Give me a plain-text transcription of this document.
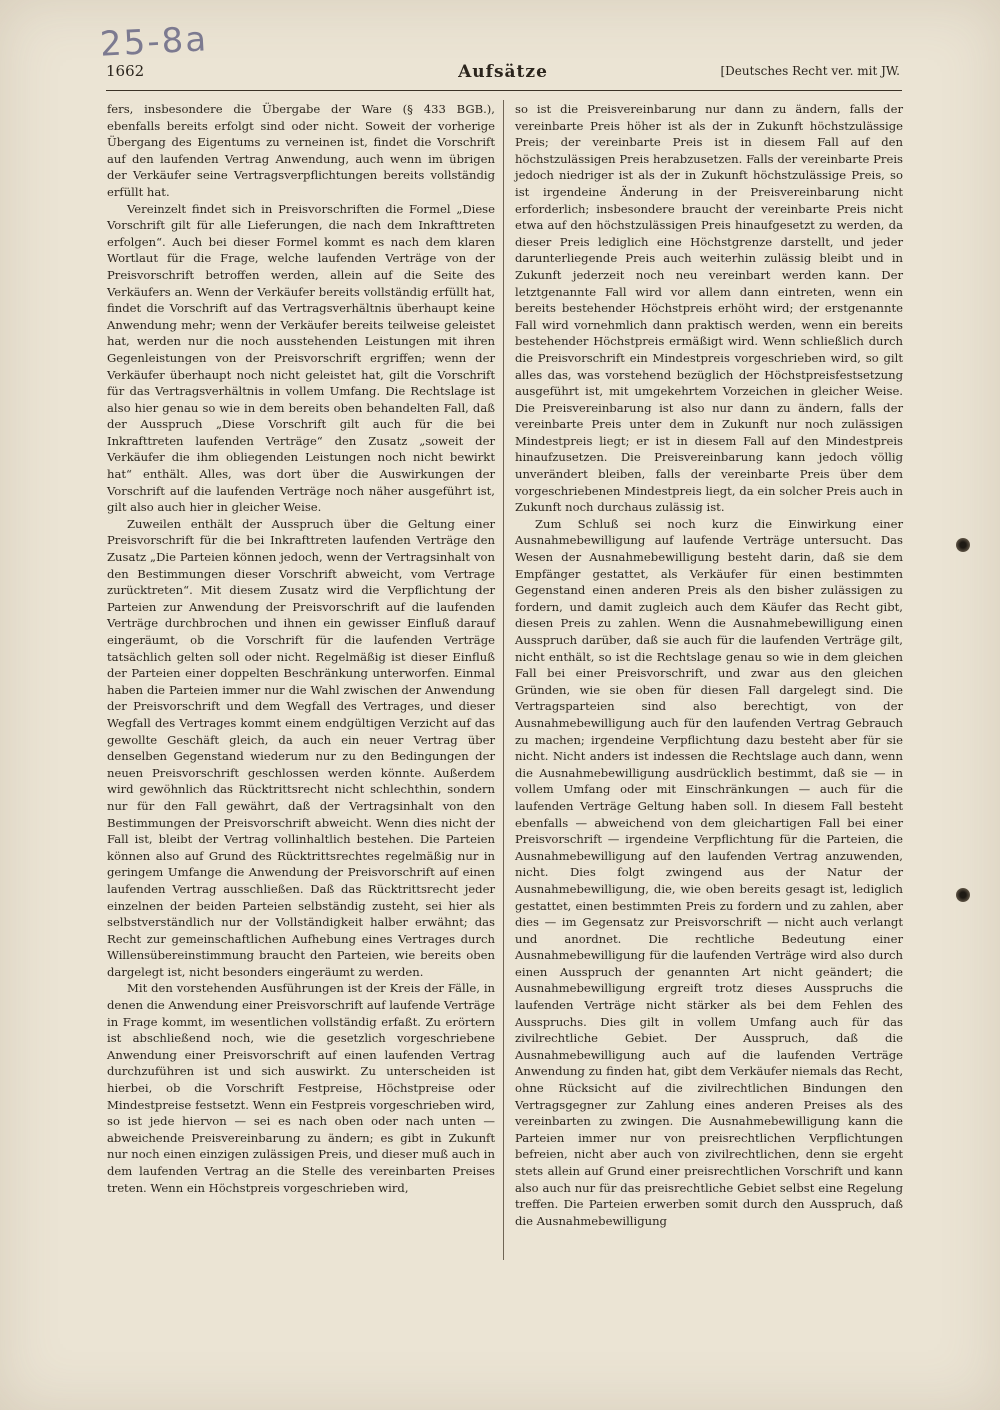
25-8a
1662	Aufsätze	[Deutsches Recht ver. mit JW.

fers, insbesondere die Übergabe der Ware (§ 433 BGB.), ebenfalls bereits erfolgt sind oder nicht. Soweit der vorherige Übergang des Eigentums zu verneinen ist, findet die Vorschrift auf den laufenden Vertrag Anwendung, auch wenn im übrigen der Verkäufer seine Vertragsverpflichtungen bereits vollständig erfüllt hat.

Vereinzelt findet sich in Preisvorschriften die Formel „Diese Vorschrift gilt für alle Lieferungen, die nach dem Inkrafttreten erfolgen“. Auch bei dieser Formel kommt es nach dem klaren Wortlaut für die Frage, welche laufenden Verträge von der Preisvorschrift betroffen werden, allein auf die Seite des Verkäufers an. Wenn der Verkäufer bereits vollständig erfüllt hat, findet die Vorschrift auf das Vertragsverhältnis überhaupt keine Anwendung mehr; wenn der Verkäufer bereits teilweise geleistet hat, werden nur die noch ausstehenden Leistungen mit ihren Gegenleistungen von der Preisvorschrift ergriffen; wenn der Verkäufer überhaupt noch nicht geleistet hat, gilt die Vorschrift für das Vertragsverhältnis in vollem Umfang. Die Rechtslage ist also hier genau so wie in dem bereits oben behandelten Fall, daß der Ausspruch „Diese Vorschrift gilt auch für die bei Inkrafttreten laufenden Verträge“ den Zusatz „soweit der Verkäufer die ihm obliegenden Leistungen noch nicht bewirkt hat“ enthält. Alles, was dort über die Auswirkungen der Vorschrift auf die laufenden Verträge noch näher ausgeführt ist, gilt also auch hier in gleicher Weise.

Zuweilen enthält der Ausspruch über die Geltung einer Preisvorschrift für die bei Inkrafttreten laufenden Verträge den Zusatz „Die Parteien können jedoch, wenn der Vertragsinhalt von den Bestimmungen dieser Vorschrift abweicht, vom Vertrage zurücktreten“. Mit diesem Zusatz wird die Verpflichtung der Parteien zur Anwendung der Preisvorschrift auf die laufenden Verträge durchbrochen und ihnen ein gewisser Einfluß darauf eingeräumt, ob die Vorschrift für die laufenden Verträge tatsächlich gelten soll oder nicht. Regelmäßig ist dieser Einfluß der Parteien einer doppelten Beschränkung unterworfen. Einmal haben die Parteien immer nur die Wahl zwischen der Anwendung der Preisvorschrift und dem Wegfall des Vertrages, und dieser Wegfall des Vertrages kommt einem endgültigen Verzicht auf das gewollte Geschäft gleich, da auch ein neuer Vertrag über denselben Gegenstand wiederum nur zu den Bedingungen der neuen Preisvorschrift geschlossen werden könnte. Außerdem wird gewöhnlich das Rücktrittsrecht nicht schlechthin, sondern nur für den Fall gewährt, daß der Vertragsinhalt von den Bestimmungen der Preisvorschrift abweicht. Wenn dies nicht der Fall ist, bleibt der Vertrag vollinhaltlich bestehen. Die Parteien können also auf Grund des Rücktrittsrechtes regelmäßig nur in geringem Umfange die Anwendung der Preisvorschrift auf einen laufenden Vertrag ausschließen. Daß das Rücktrittsrecht jeder einzelnen der beiden Parteien selbständig zusteht, sei hier als selbstverständlich nur der Vollständigkeit halber erwähnt; das Recht zur gemeinschaftlichen Aufhebung eines Vertrages durch Willensübereinstimmung braucht den Parteien, wie bereits oben dargelegt ist, nicht besonders eingeräumt zu werden.

Mit den vorstehenden Ausführungen ist der Kreis der Fälle, in denen die Anwendung einer Preisvorschrift auf laufende Verträge in Frage kommt, im wesentlichen vollständig erfaßt. Zu erörtern ist abschließend noch, wie die gesetzlich vorgeschriebene Anwendung einer Preisvorschrift auf einen laufenden Vertrag durchzuführen ist und sich auswirkt. Zu unterscheiden ist hierbei, ob die Vorschrift Festpreise, Höchstpreise oder Mindestpreise festsetzt. Wenn ein Festpreis vorgeschrieben wird, so ist jede hiervon — sei es nach oben oder nach unten — abweichende Preisvereinbarung zu ändern; es gibt in Zukunft nur noch einen einzigen zulässigen Preis, und dieser muß auch in dem laufenden Vertrag an die Stelle des vereinbarten Preises treten. Wenn ein Höchstpreis vorgeschrieben wird,

so ist die Preisvereinbarung nur dann zu ändern, falls der vereinbarte Preis höher ist als der in Zukunft höchstzulässige Preis; der vereinbarte Preis ist in diesem Fall auf den höchstzulässigen Preis herabzusetzen. Falls der vereinbarte Preis jedoch niedriger ist als der in Zukunft höchstzulässige Preis, so ist irgendeine Änderung in der Preisvereinbarung nicht erforderlich; insbesondere braucht der vereinbarte Preis nicht etwa auf den höchstzulässigen Preis hinaufgesetzt zu werden, da dieser Preis lediglich eine Höchstgrenze darstellt, und jeder darunterliegende Preis auch weiterhin zulässig bleibt und in Zukunft jederzeit noch neu vereinbart werden kann. Der letztgenannte Fall wird vor allem dann eintreten, wenn ein bereits bestehender Höchstpreis erhöht wird; der erstgenannte Fall wird vornehmlich dann praktisch werden, wenn ein bereits bestehender Höchstpreis ermäßigt wird. Wenn schließlich durch die Preisvorschrift ein Mindestpreis vorgeschrieben wird, so gilt alles das, was vorstehend bezüglich der Höchstpreisfestsetzung ausgeführt ist, mit umgekehrtem Vorzeichen in gleicher Weise. Die Preisvereinbarung ist also nur dann zu ändern, falls der vereinbarte Preis unter dem in Zukunft nur noch zulässigen Mindestpreis liegt; er ist in diesem Fall auf den Mindestpreis hinaufzusetzen. Die Preisvereinbarung kann jedoch völlig unverändert bleiben, falls der vereinbarte Preis über dem vorgeschriebenen Mindestpreis liegt, da ein solcher Preis auch in Zukunft noch durchaus zulässig ist.

Zum Schluß sei noch kurz die Einwirkung einer Ausnahmebewilligung auf laufende Verträge untersucht. Das Wesen der Ausnahmebewilligung besteht darin, daß sie dem Empfänger gestattet, als Verkäufer für einen bestimmten Gegenstand einen anderen Preis als den bisher zulässigen zu fordern, und damit zugleich auch dem Käufer das Recht gibt, diesen Preis zu zahlen. Wenn die Ausnahmebewilligung einen Ausspruch darüber, daß sie auch für die laufenden Verträge gilt, nicht enthält, so ist die Rechtslage genau so wie in dem gleichen Fall bei einer Preisvorschrift, und zwar aus den gleichen Gründen, wie sie oben für diesen Fall dargelegt sind. Die Vertragsparteien sind also berechtigt, von der Ausnahmebewilligung auch für den laufenden Vertrag Gebrauch zu machen; irgendeine Verpflichtung dazu besteht aber für sie nicht. Nicht anders ist indessen die Rechtslage auch dann, wenn die Ausnahmebewilligung ausdrücklich bestimmt, daß sie — in vollem Umfang oder mit Einschränkungen — auch für die laufenden Verträge Geltung haben soll. In diesem Fall besteht ebenfalls — abweichend von dem gleichartigen Fall bei einer Preisvorschrift — irgendeine Verpflichtung für die Parteien, die Ausnahmebewilligung auf den laufenden Vertrag anzuwenden, nicht. Dies folgt zwingend aus der Natur der Ausnahmebewilligung, die, wie oben bereits gesagt ist, lediglich gestattet, einen bestimmten Preis zu fordern und zu zahlen, aber dies — im Gegensatz zur Preisvorschrift — nicht auch verlangt und anordnet. Die rechtliche Bedeutung einer Ausnahmebewilligung für die laufenden Verträge wird also durch einen Ausspruch der genannten Art nicht geändert; die Ausnahmebewilligung ergreift trotz dieses Ausspruchs die laufenden Verträge nicht stärker als bei dem Fehlen des Ausspruchs. Dies gilt in vollem Umfang auch für das zivilrechtliche Gebiet. Der Ausspruch, daß die Ausnahmebewilligung auch auf die laufenden Verträge Anwendung zu finden hat, gibt dem Verkäufer niemals das Recht, ohne Rücksicht auf die zivilrechtlichen Bindungen den Vertragsgegner zur Zahlung eines anderen Preises als des vereinbarten zu zwingen. Die Ausnahmebewilligung kann die Parteien immer nur von preisrechtlichen Verpflichtungen befreien, nicht aber auch von zivilrechtlichen, denn sie ergeht stets allein auf Grund einer preisrechtlichen Vorschrift und kann also auch nur für das preisrechtliche Gebiet selbst eine Regelung treffen. Die Parteien erwerben somit durch den Ausspruch, daß die Ausnahmebewilligung
